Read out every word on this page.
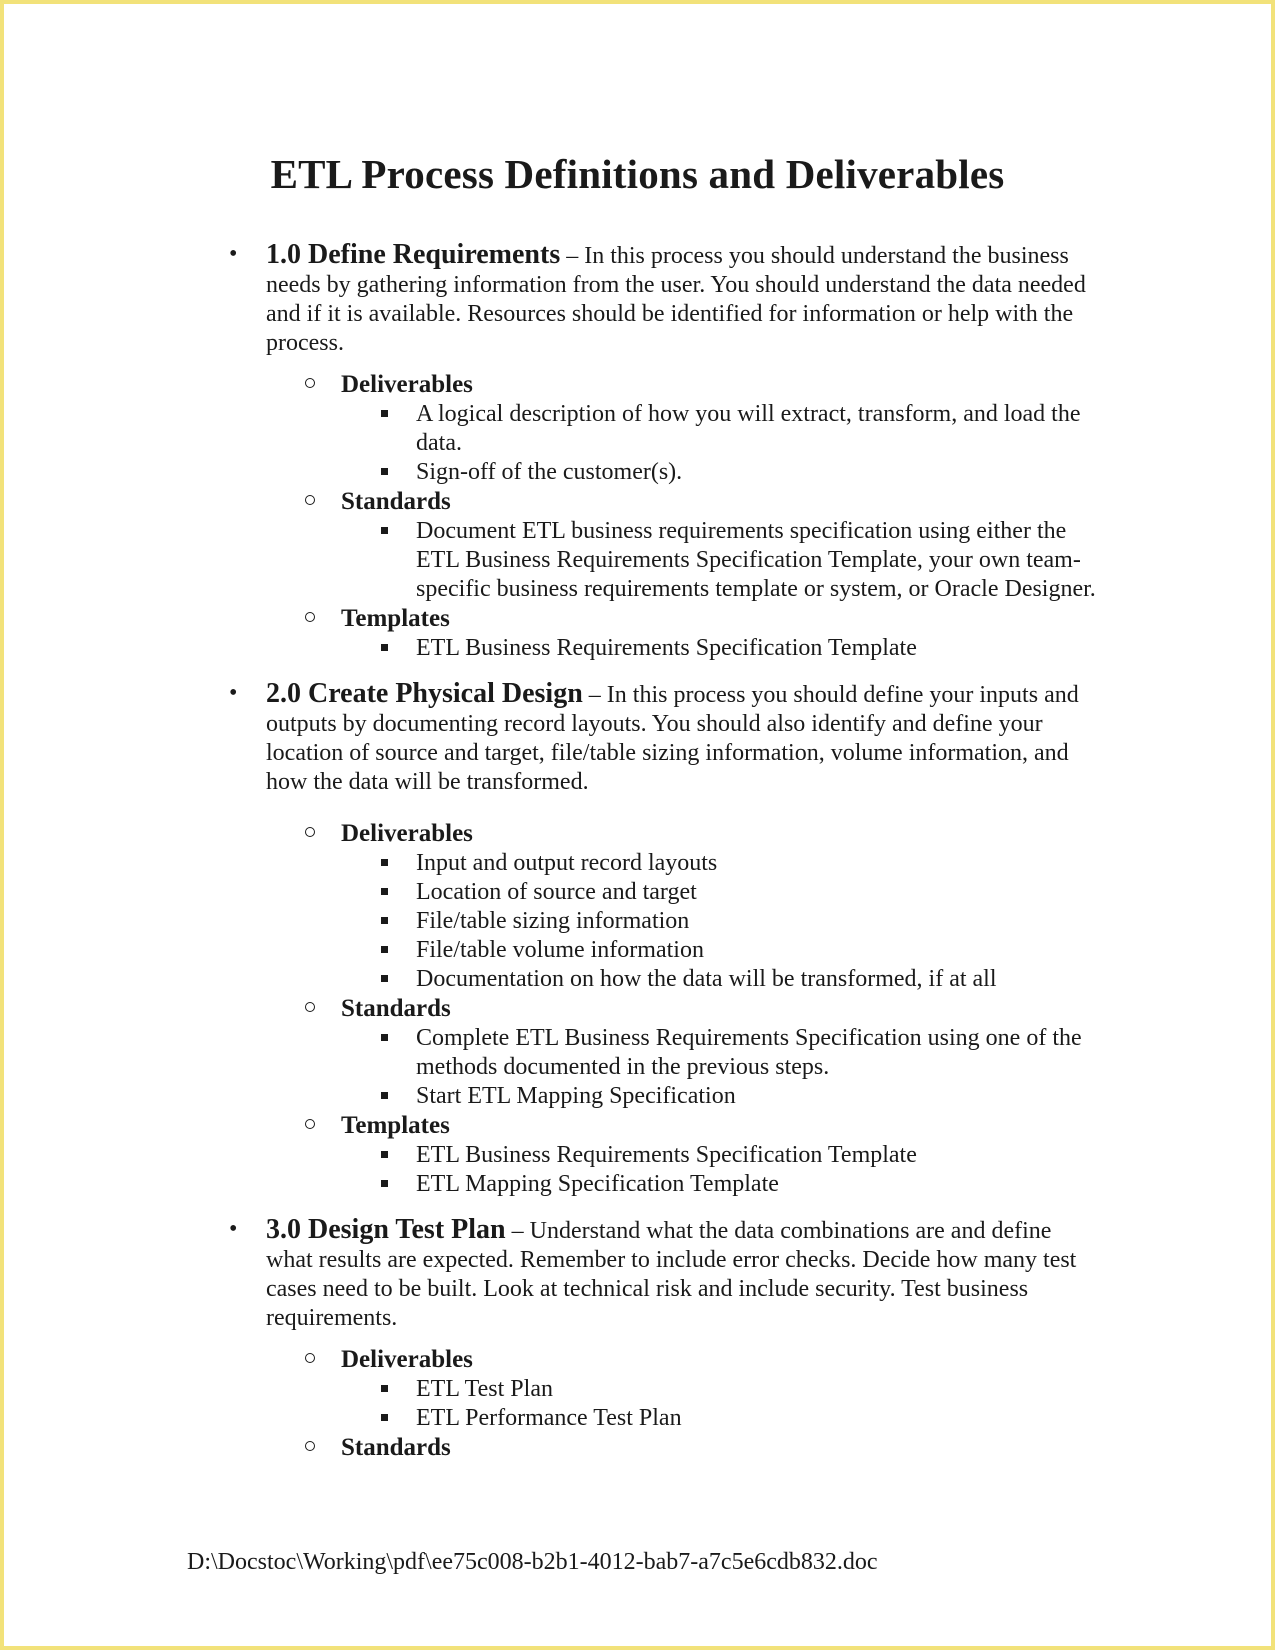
ETL Process Definitions and Deliverables
• 1.0 Define Requirements – In this process you should understand the business needs by gathering information from the user. You should understand the data needed and if it is available. Resources should be identified for information or help with the process.

Deliverables
A logical description of how you will extract, transform, and load the data.
Sign-off of the customer(s).
Standards
Document ETL business requirements specification using either the ETL Business Requirements Specification Template, your own team-specific business requirements template or system, or Oracle Designer.
Templates
ETL Business Requirements Specification Template
• 2.0 Create Physical Design – In this process you should define your inputs and outputs by documenting record layouts. You should also identify and define your location of source and target, file/table sizing information, volume information, and how the data will be transformed.

Deliverables
Input and output record layouts
Location of source and target
File/table sizing information
File/table volume information
Documentation on how the data will be transformed, if at all
Standards
Complete ETL Business Requirements Specification using one of the methods documented in the previous steps.
Start ETL Mapping Specification
Templates
ETL Business Requirements Specification Template
ETL Mapping Specification Template
• 3.0 Design Test Plan – Understand what the data combinations are and define what results are expected. Remember to include error checks. Decide how many test cases need to be built. Look at technical risk and include security. Test business requirements.

Deliverables
ETL Test Plan
ETL Performance Test Plan
Standards

D:\Docstoc\Working\pdf\ee75c008-b2b1-4012-bab7-a7c5e6cdb832.doc
